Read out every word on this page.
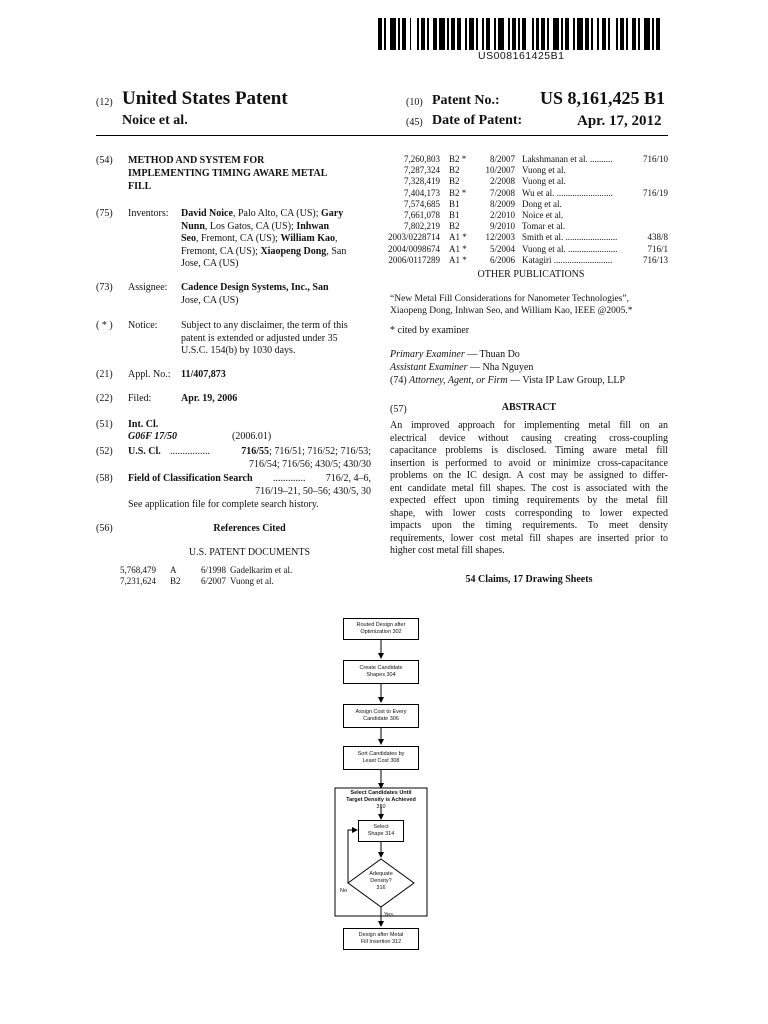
US008161425B1
(12) United States Patent
Noice et al.
(10) Patent No.: US 8,161,425 B1
(45) Date of Patent:	Apr. 17, 2012
(54) METHOD AND SYSTEM FOR
IMPLEMENTING TIMING AWARE METAL
FILL
(75) Inventors: David Noice, Palo Alto, CA (US); Gary
Nunn, Los Gatos, CA (US); Inhwan
Seo, Fremont, CA (US); William Kao,
Fremont, CA (US); Xiaopeng Dong, San
Jose, CA (US)
(73) Assignee: Cadence Design Systems, Inc., San
Jose, CA (US)
( * ) Notice: Subject to any disclaimer, the term of this
patent is extended or adjusted under 35
U.S.C. 154(b) by 1030 days.
(21) Appl. No.: 11/407,873
(22) Filed:	Apr. 19, 2006
(51) Int. Cl.
G06F 17/50	(2006.01)
(52) U.S. Cl. ................	716/55; 716/51; 716/52; 716/53;
716/54; 716/56; 430/5; 430/30
(58) Field of Classification Search .............	716/2, 4–6,
716/19–21, 50–56; 430/5, 30
See application file for complete search history.
(56)	References Cited
U.S. PATENT DOCUMENTS
5,768,479	A	6/1998 Gadelkarim et al.
7,231,624	B2	6/2007 Vuong et al.
7,260,803	B2 *	8/2007 Lakshmanan et al. ..........	716/10
7,287,324	B2	10/2007 Vuong et al.
7,328,419	B2	2/2008 Vuong et al.
7,404,173	B2 *	7/2008 Wu et al. .........................	716/19
7,574,685	B1	8/2009 Dong et al.
7,661,078	B1	2/2010 Noice et al.
7,802,219	B2	9/2010 Tomar et al.
2003/0228714	A1 *	12/2003 Smith et al. .......................	438/8
2004/0098674	A1 *	5/2004 Vuong et al. ......................	716/1
2006/0117289	A1 *	6/2006 Katagiri ..........................	716/13
OTHER PUBLICATIONS
“New Metal Fill Considerations for Nanometer Technologies”,
Xiaopeng Dong, Inhwan Seo, and William Kao, IEEE @2005.*
* cited by examiner
Primary Examiner — Thuan Do
Assistant Examiner — Nha Nguyen
(74) Attorney, Agent, or Firm — Vista IP Law Group, LLP
(57)	ABSTRACT
An improved approach for implementing metal fill on an
electrical device without causing creating cross-coupling
capacitance problems is disclosed. Timing aware metal fill
insertion is performed to avoid or minimize cross-capacitance
problems on the IC design. A cost may be assigned to differ-
ent candidate metal fill shapes. The cost is associated with the
expected effect upon timing requirements by the metal fill
shape, with lower costs corresponding to lower expected
impacts upon the timing requirements. To meet density
requirements, lower cost metal fill shapes are inserted prior to
higher cost metal fill shapes.
54 Claims, 17 Drawing Sheets
Routed Design after
Optimization 302
Create Candidate
Shapes 304
Assign Cost to Every
Candidate 306
Sort Candidates by
Least Cost 308
Select Candidates Until
Target Density is Achieved
310
Select
Shape 314
Adequate
Density?
316
No
Yes
Design after Metal
Fill Insertion 312
